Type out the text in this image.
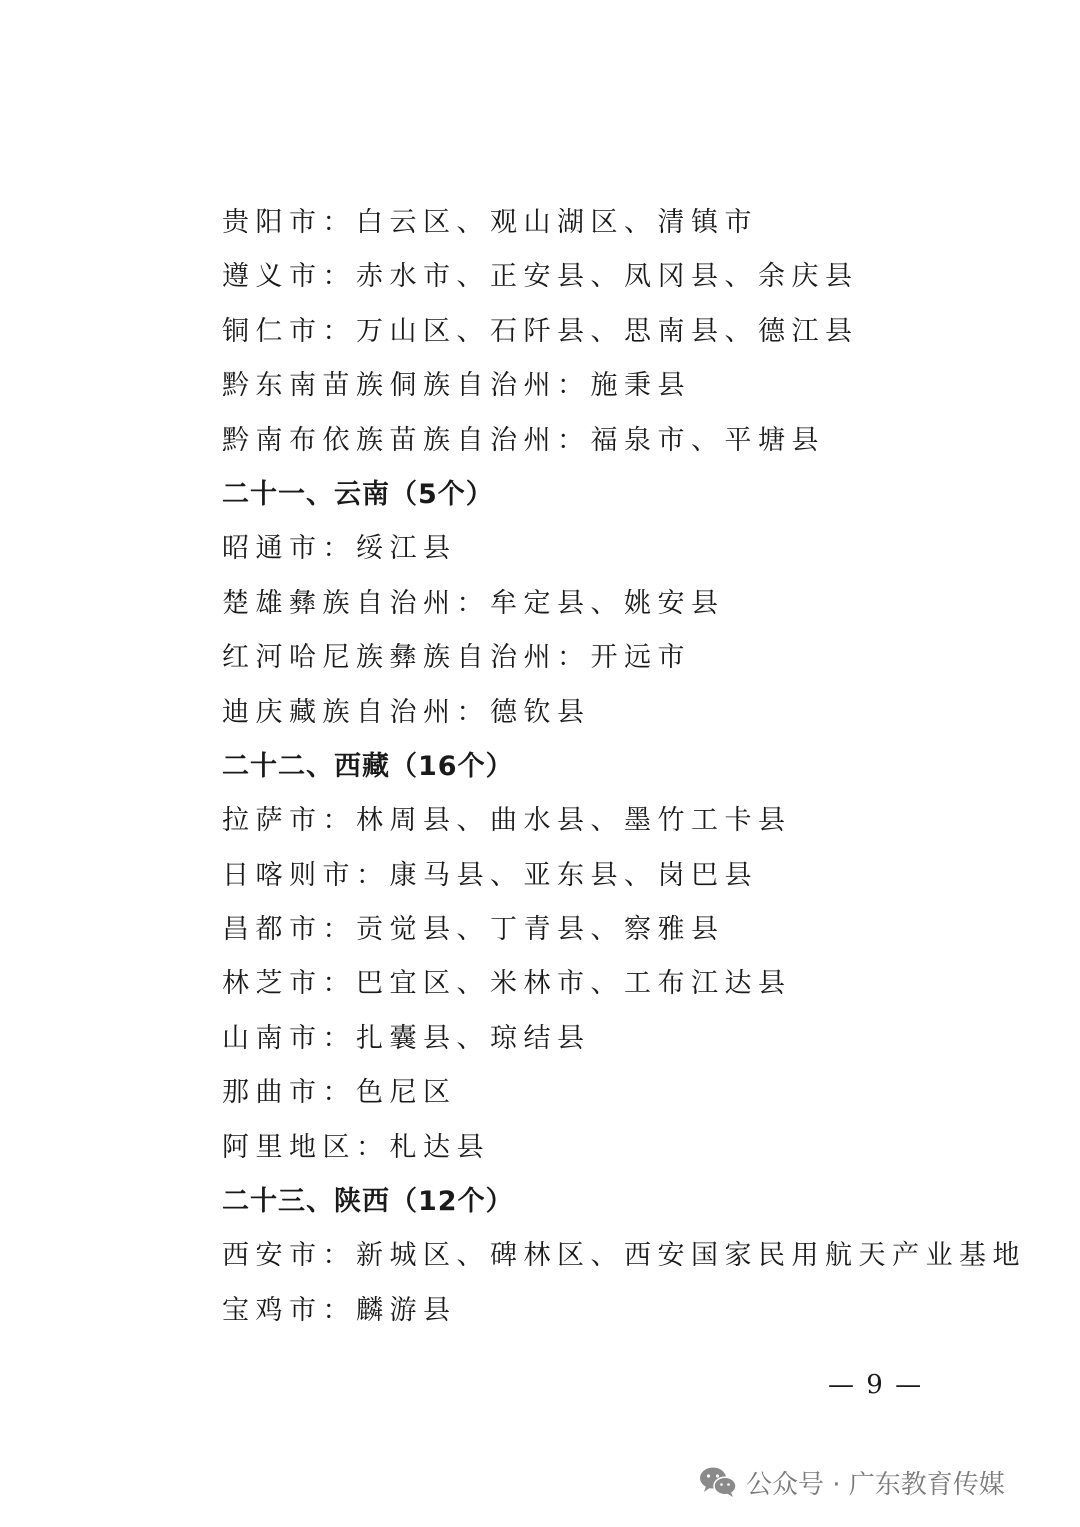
贵阳市：白云区、观山湖区、清镇市
遵义市：赤水市、正安县、凤冈县、余庆县
铜仁市：万山区、石阡县、思南县、德江县
黔东南苗族侗族自治州：施秉县
黔南布依族苗族自治州：福泉市、平塘县
二十一、云南（5个）
昭通市：绥江县
楚雄彝族自治州：牟定县、姚安县
红河哈尼族彝族自治州：开远市
迪庆藏族自治州：德钦县
二十二、西藏（16个）
拉萨市：林周县、曲水县、墨竹工卡县
日喀则市：康马县、亚东县、岗巴县
昌都市：贡觉县、丁青县、察雅县
林芝市：巴宜区、米林市、工布江达县
山南市：扎囊县、琼结县
那曲市：色尼区
阿里地区：札达县
二十三、陕西（12个）
西安市：新城区、碑林区、西安国家民用航天产业基地
宝鸡市：麟游县
— 9 —
公众号 · 广东教育传媒
